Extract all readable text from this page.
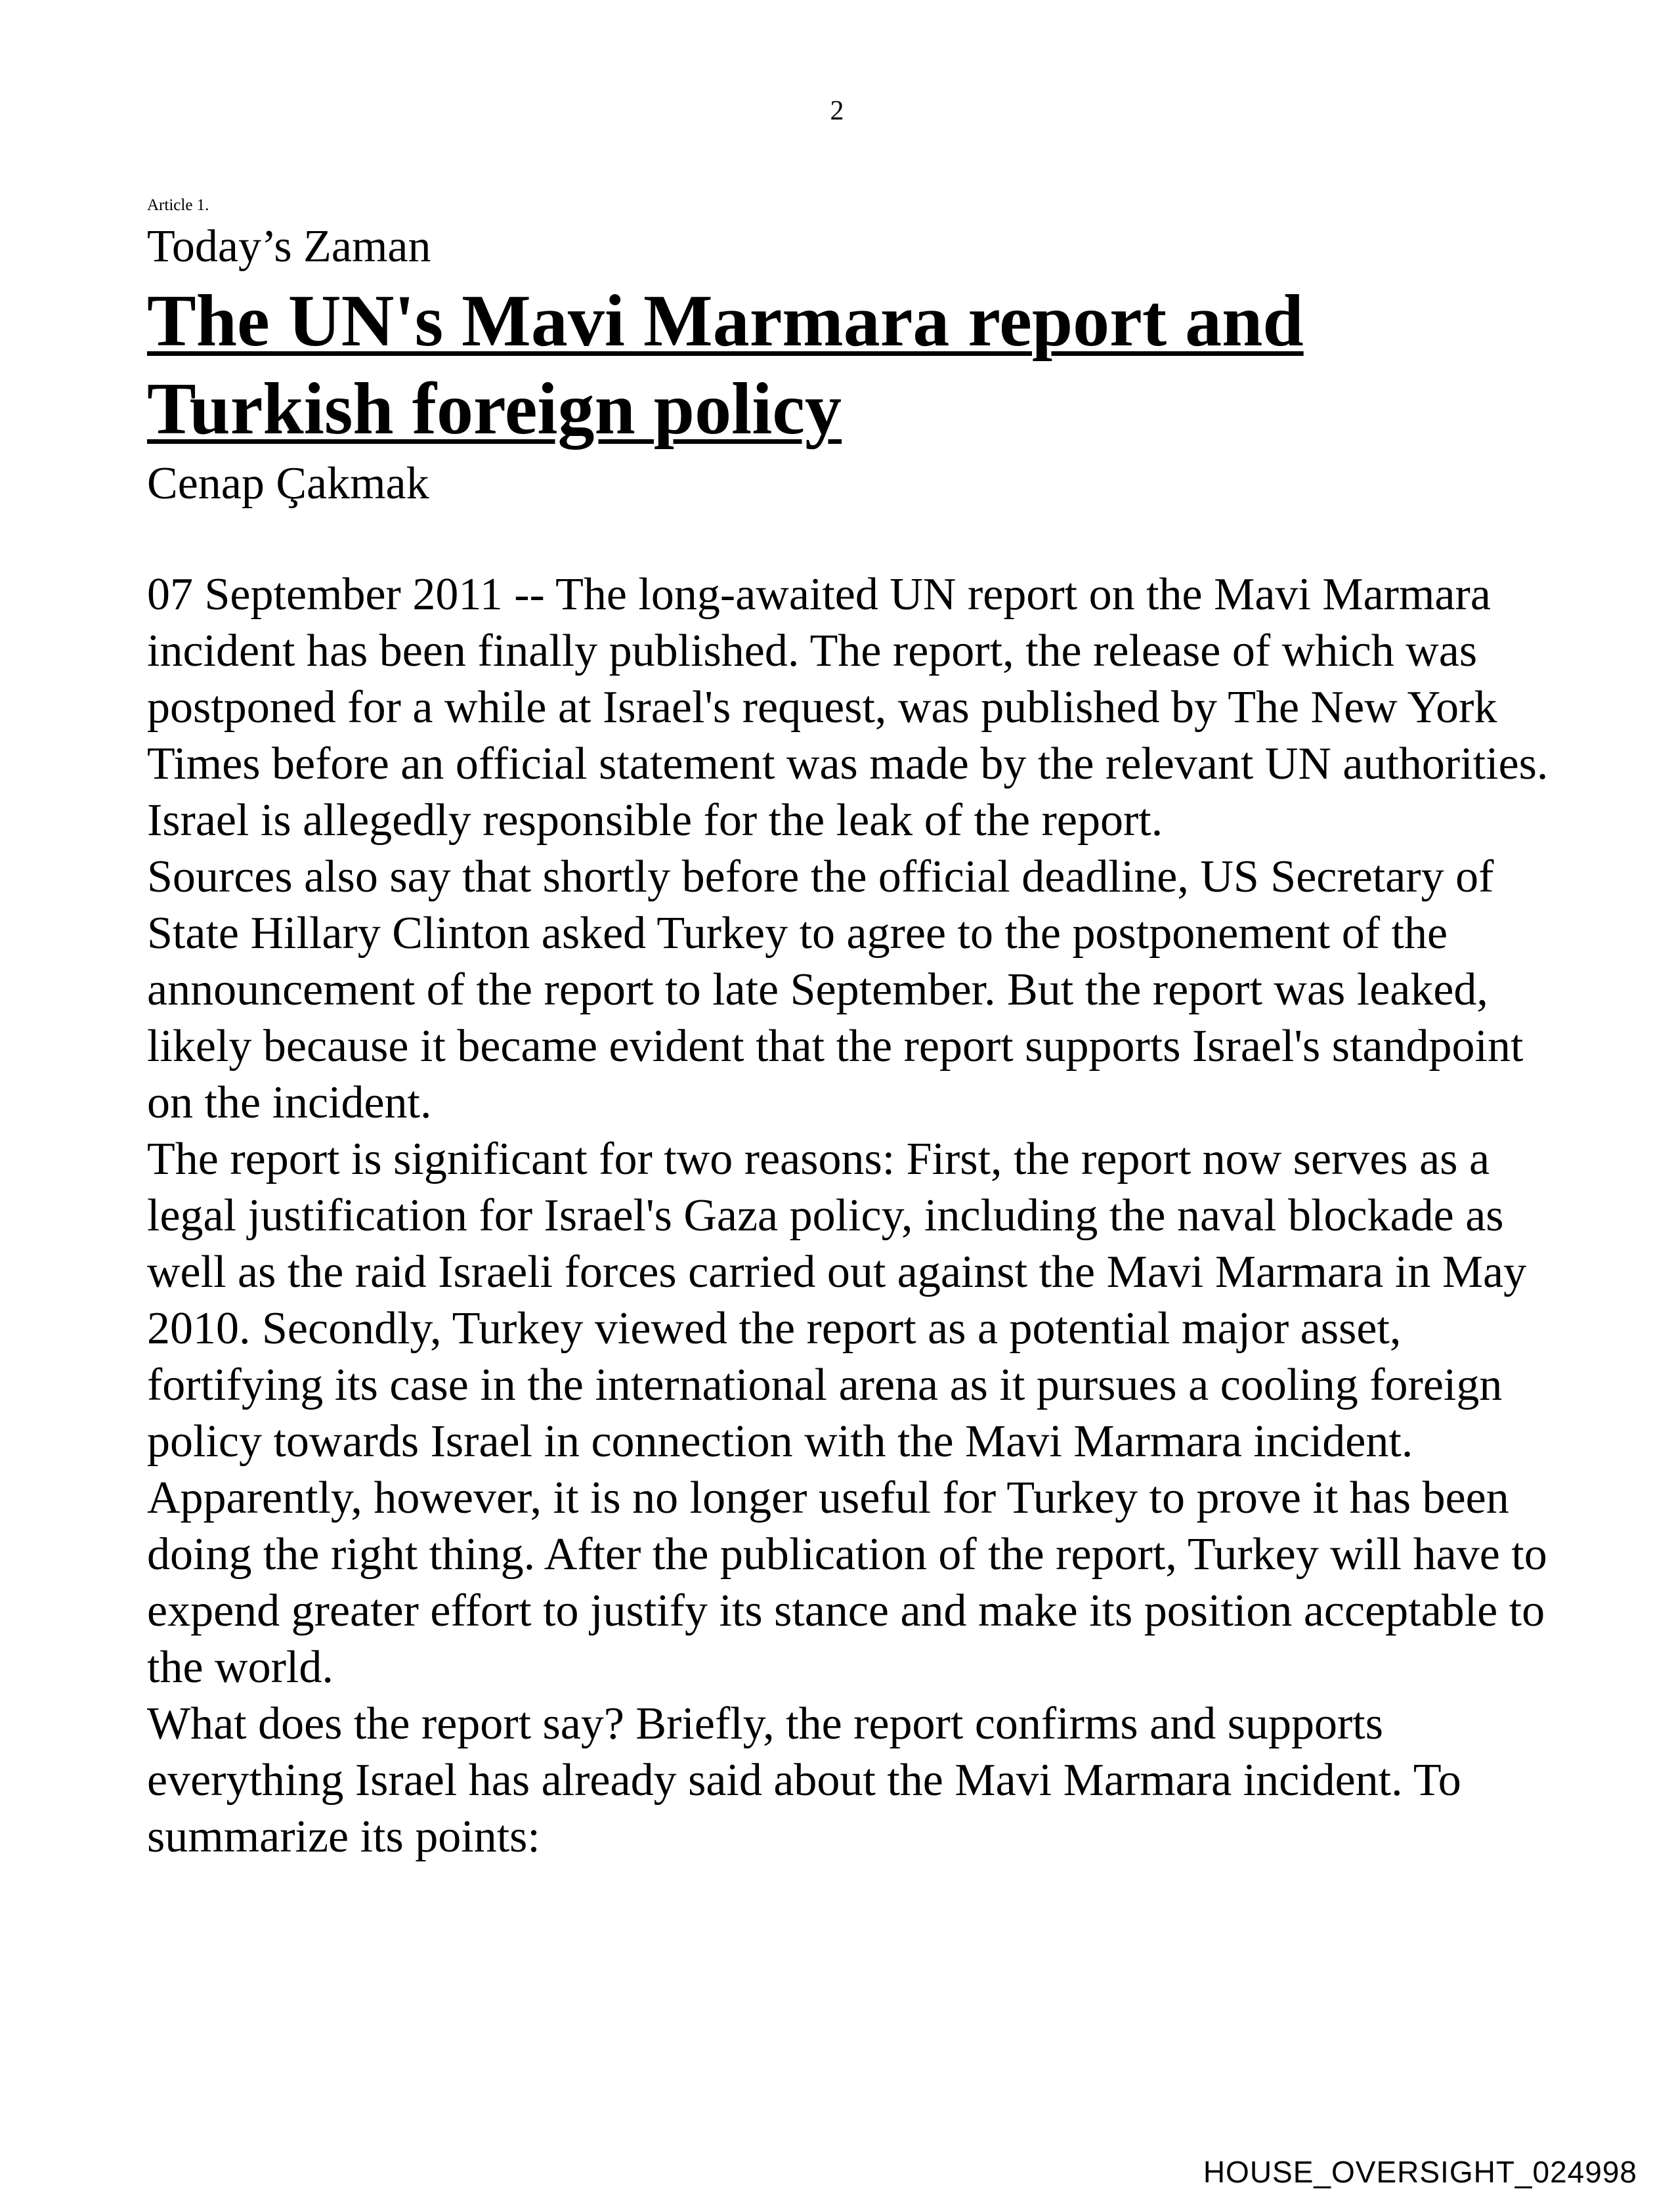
2
Article 1.
Today’s Zaman
The UN's Mavi Marmara report and Turkish foreign policy
Cenap Çakmak

07 September 2011 -- The long-awaited UN report on the Mavi Marmara incident has been finally published. The report, the release of which was postponed for a while at Israel's request, was published by The New York Times before an official statement was made by the relevant UN authorities. Israel is allegedly responsible for the leak of the report.

Sources also say that shortly before the official deadline, US Secretary of State Hillary Clinton asked Turkey to agree to the postponement of the announcement of the report to late September. But the report was leaked, likely because it became evident that the report supports Israel's standpoint on the incident.

The report is significant for two reasons: First, the report now serves as a legal justification for Israel's Gaza policy, including the naval blockade as well as the raid Israeli forces carried out against the Mavi Marmara in May 2010. Secondly, Turkey viewed the report as a potential major asset, fortifying its case in the international arena as it pursues a cooling foreign policy towards Israel in connection with the Mavi Marmara incident. Apparently, however, it is no longer useful for Turkey to prove it has been doing the right thing. After the publication of the report, Turkey will have to expend greater effort to justify its stance and make its position acceptable to the world.

What does the report say? Briefly, the report confirms and supports everything Israel has already said about the Mavi Marmara incident. To summarize its points:

HOUSE_OVERSIGHT_024998
